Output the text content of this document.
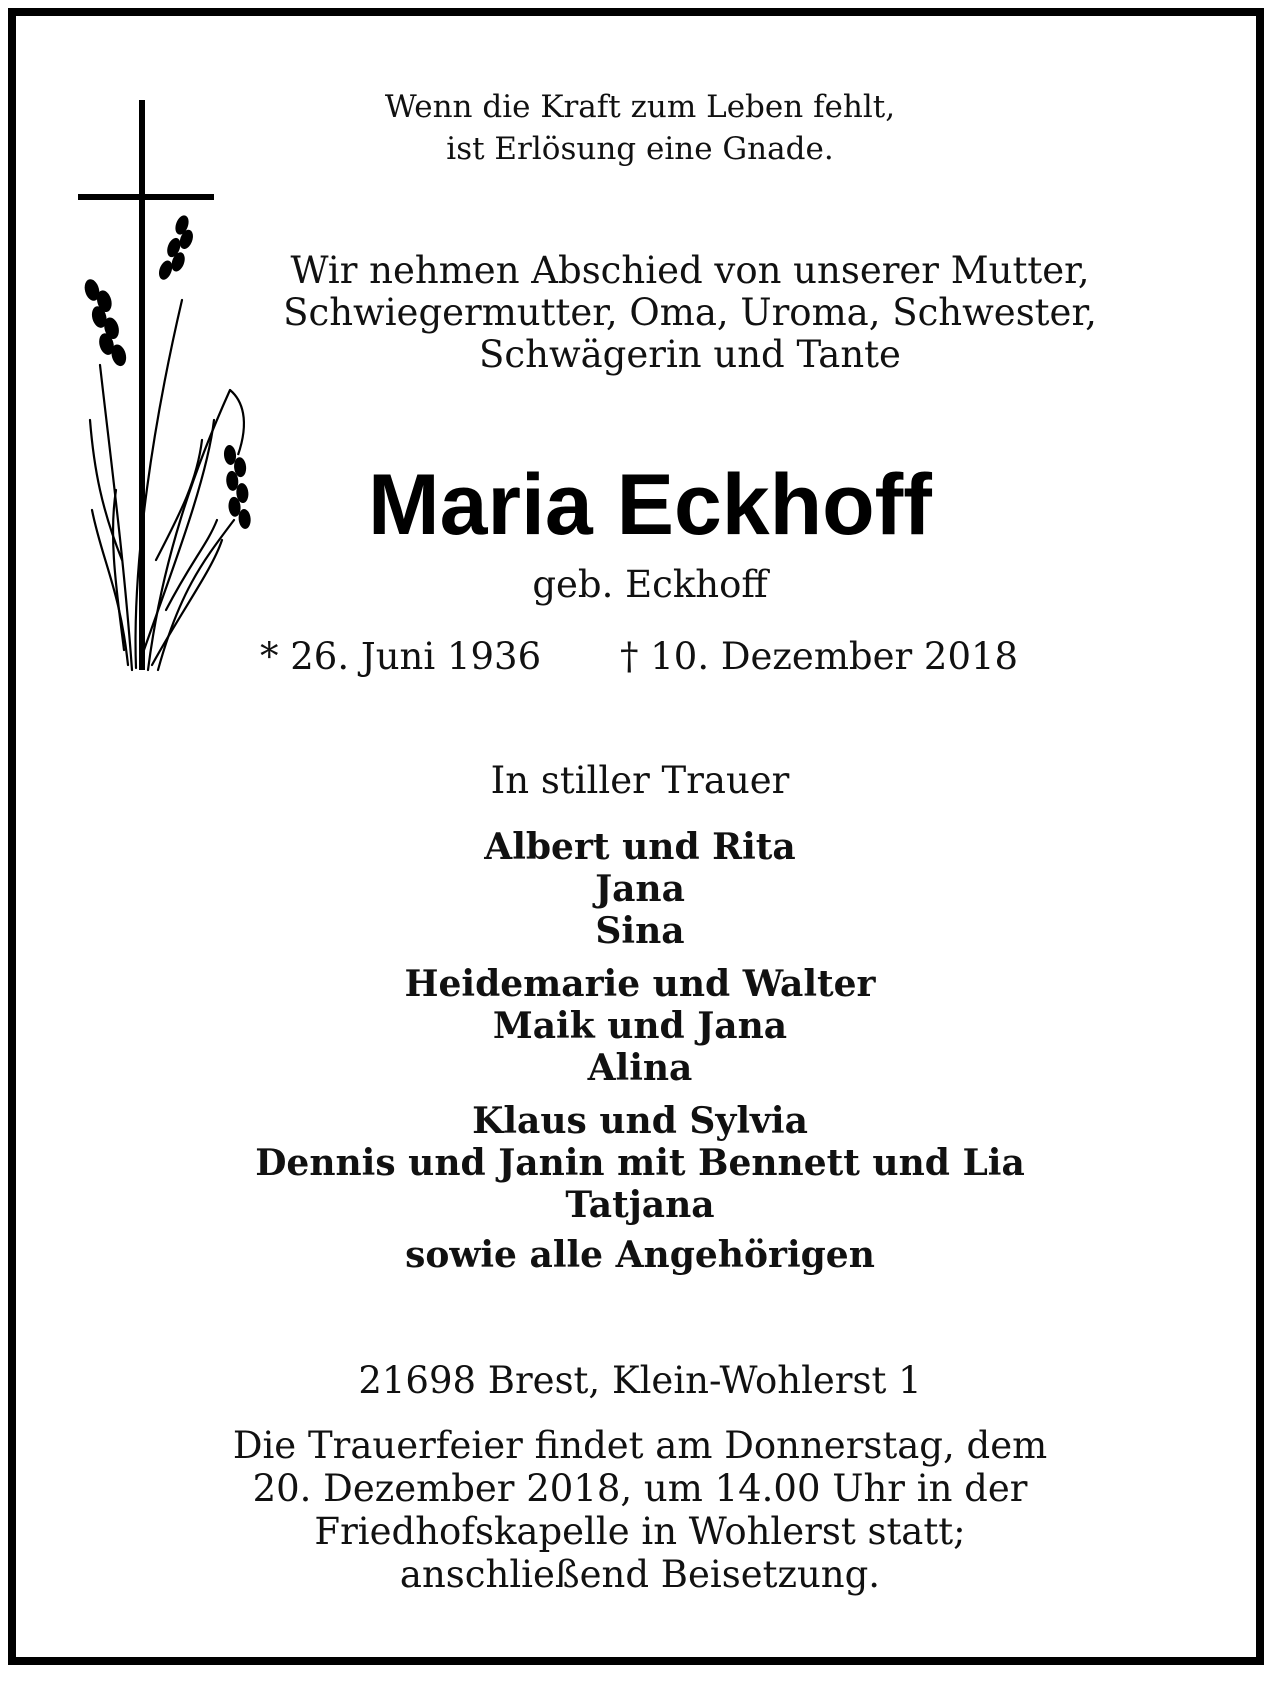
Wenn die Kraft zum Leben fehlt,
ist Erlösung eine Gnade.
Wir nehmen Abschied von unserer Mutter,
Schwiegermutter, Oma, Uroma, Schwester,
Schwägerin und Tante
Maria Eckhoff
geb. Eckhoff
* 26. Juni 1936 † 10. Dezember 2018
In stiller Trauer
Albert und Rita
Jana
Sina
Heidemarie und Walter
Maik und Jana
Alina
Klaus und Sylvia
Dennis und Janin mit Bennett und Lia
Tatjana
sowie alle Angehörigen
21698 Brest, Klein-Wohlerst 1
Die Trauerfeier findet am Donnerstag, dem
20. Dezember 2018, um 14.00 Uhr in der
Friedhofskapelle in Wohlerst statt;
anschließend Beisetzung.
